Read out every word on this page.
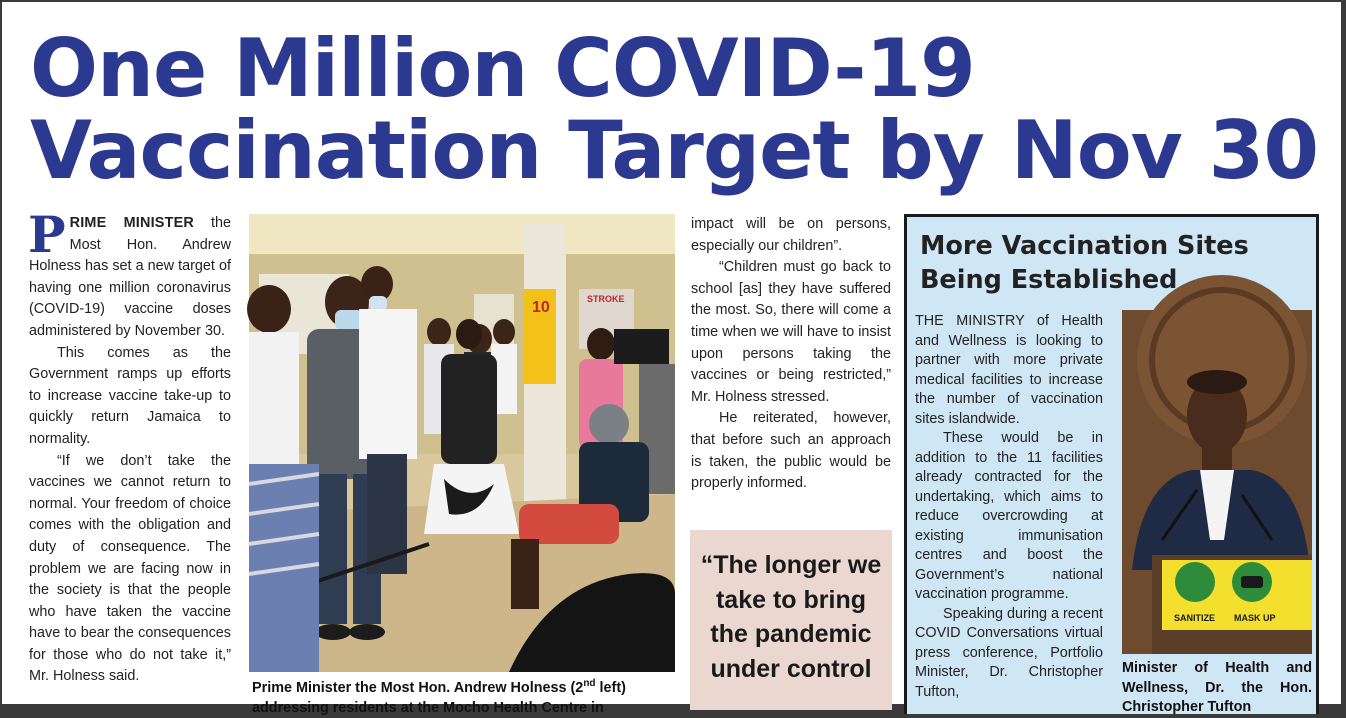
One Million COVID-19
Vaccination Target by Nov 30

PRIME MINISTER the Most Hon. Andrew Holness has set a new target of having one million coronavirus (COVID-19) vaccine doses administered by November 30.

This comes as the Government ramps up efforts to increase vaccine take-up to quickly return Jamaica to normality.

“If we don’t take the vaccines we cannot return to normal. Your freedom of choice comes with the obligation and duty of consequence. The problem we are facing now in the society is that the people who have taken the vaccine have to bear the consequences for those who do not take it,” Mr. Holness said.

STROKE
10
Prime Minister the Most Hon. Andrew Holness (2nd left)
addressing residents at the Mocho Health Centre in

impact will be on persons, especially our children”.

“Children must go back to school [as] they have suffered the most. So, there will come a time when we will have to insist upon persons taking the vaccines or being restricted,” Mr. Holness stressed.

He reiterated, however, that before such an approach is taken, the public would be properly informed.

“The longer we take to bring the pandemic under control
More Vaccination Sites
Being Established

THE MINISTRY of Health and Wellness is looking to partner with more private medical facilities to increase the number of vaccination sites islandwide.

These would be in addition to the 11 facilities already contracted for the undertaking, which aims to reduce overcrowding at existing immunisation centres and boost the Government’s national vaccination programme.

Speaking during a recent COVID Conversations virtual press conference, Portfolio Minister, Dr. Christopher Tufton,

SANITIZE MASK UP
Minister of Health and Wellness, Dr. the Hon. Christopher Tufton
